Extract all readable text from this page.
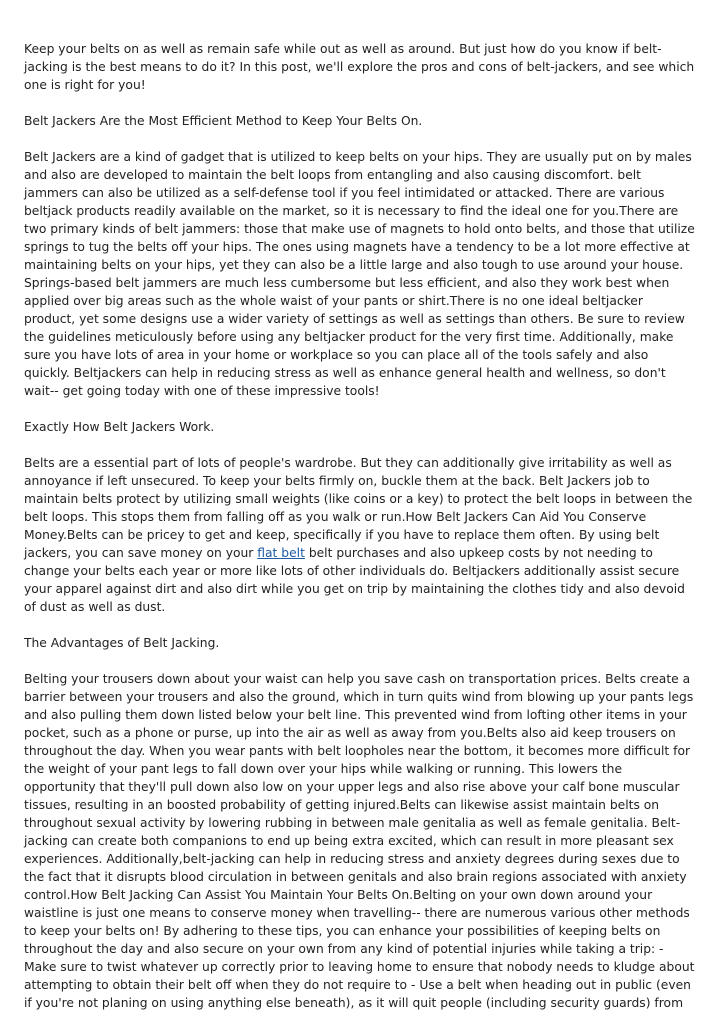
Keep your belts on as well as remain safe while out as well as around. But just how do you know if belt-jacking is the best means to do it? In this post, we'll explore the pros and cons of belt-jackers, and see which one is right for you!

Belt Jackers Are the Most Efficient Method to Keep Your Belts On.

Belt Jackers are a kind of gadget that is utilized to keep belts on your hips. They are usually put on by males and also are developed to maintain the belt loops from entangling and also causing discomfort. belt jammers can also be utilized as a self-defense tool if you feel intimidated or attacked. There are various beltjack products readily available on the market, so it is necessary to find the ideal one for you.There are two primary kinds of belt jammers: those that make use of magnets to hold onto belts, and those that utilize springs to tug the belts off your hips. The ones using magnets have a tendency to be a lot more effective at maintaining belts on your hips, yet they can also be a little large and also tough to use around your house. Springs-based belt jammers are much less cumbersome but less efficient, and also they work best when applied over big areas such as the whole waist of your pants or shirt.There is no one ideal beltjacker product, yet some designs use a wider variety of settings as well as settings than others. Be sure to review the guidelines meticulously before using any beltjacker product for the very first time. Additionally, make sure you have lots of area in your home or workplace so you can place all of the tools safely and also quickly. Beltjackers can help in reducing stress as well as enhance general health and wellness, so don't wait-- get going today with one of these impressive tools!

Exactly How Belt Jackers Work.

Belts are a essential part of lots of people's wardrobe. But they can additionally give irritability as well as annoyance if left unsecured. To keep your belts firmly on, buckle them at the back. Belt Jackers job to maintain belts protect by utilizing small weights (like coins or a key) to protect the belt loops in between the belt loops. This stops them from falling off as you walk or run.How Belt Jackers Can Aid You Conserve Money.Belts can be pricey to get and keep, specifically if you have to replace them often. By using belt jackers, you can save money on your flat belt belt purchases and also upkeep costs by not needing to change your belts each year or more like lots of other individuals do. Beltjackers additionally assist secure your apparel against dirt and also dirt while you get on trip by maintaining the clothes tidy and also devoid of dust as well as dust.

The Advantages of Belt Jacking.

Belting your trousers down about your waist can help you save cash on transportation prices. Belts create a barrier between your trousers and also the ground, which in turn quits wind from blowing up your pants legs and also pulling them down listed below your belt line. This prevented wind from lofting other items in your pocket, such as a phone or purse, up into the air as well as away from you.Belts also aid keep trousers on throughout the day. When you wear pants with belt loopholes near the bottom, it becomes more difficult for the weight of your pant legs to fall down over your hips while walking or running. This lowers the opportunity that they'll pull down also low on your upper legs and also rise above your calf bone muscular tissues, resulting in an boosted probability of getting injured.Belts can likewise assist maintain belts on throughout sexual activity by lowering rubbing in between male genitalia as well as female genitalia. Belt-jacking can create both companions to end up being extra excited, which can result in more pleasant sex experiences. Additionally,belt-jacking can help in reducing stress and anxiety degrees during sexes due to the fact that it disrupts blood circulation in between genitals and also brain regions associated with anxiety control.How Belt Jacking Can Assist You Maintain Your Belts On.Belting on your own down around your waistline is just one means to conserve money when travelling-- there are numerous various other methods to keep your belts on! By adhering to these tips, you can enhance your possibilities of keeping belts on throughout the day and also secure on your own from any kind of potential injuries while taking a trip: - Make sure to twist whatever up correctly prior to leaving home to ensure that nobody needs to kludge about attempting to obtain their belt off when they do not require to - Use a belt when heading out in public (even if you're not planing on using anything else beneath), as it will quit people (including security guards) from
